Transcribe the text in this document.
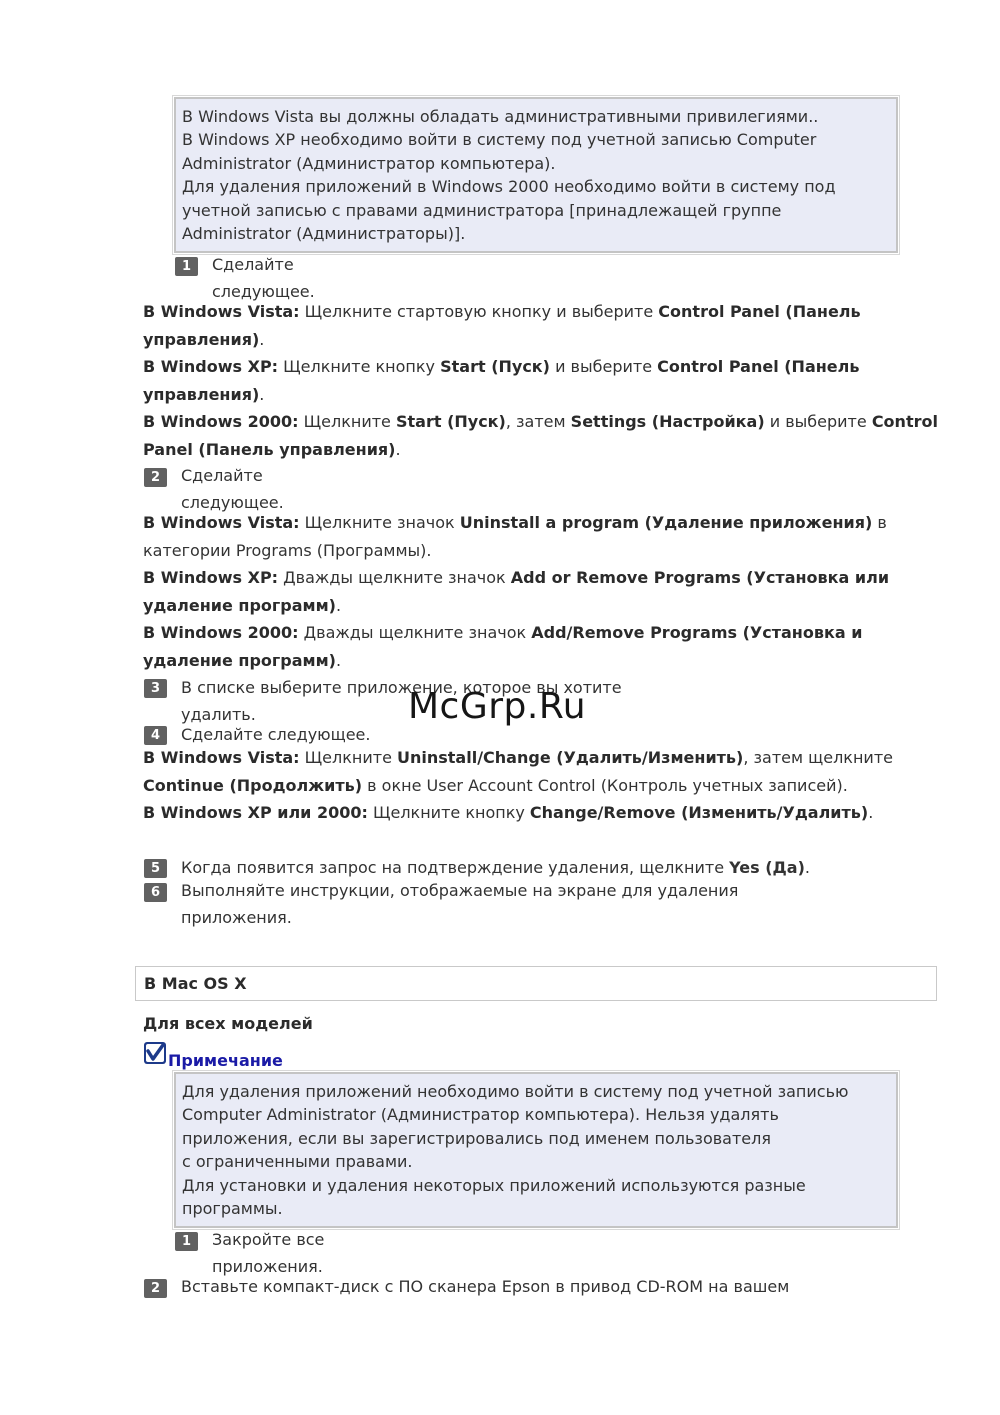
В Windows Vista вы должны обладать административными привилегиями..
В Windows XP необходимо войти в систему под учетной записью Computer
Administrator (Администратор компьютера).
Для удаления приложений в Windows 2000 необходимо войти в систему под
учетной записью с правами администратора [принадлежащей группе
Administrator (Администраторы)].
1	Сделайте
следующее.
В Windows Vista: Щелкните стартовую кнопку и выберите Control Panel (Панель управления).
В Windows XP: Щелкните кнопку Start (Пуск) и выберите Control Panel (Панель управления).
В Windows 2000: Щелкните Start (Пуск), затем Settings (Настройка) и выберите Control Panel (Панель управления).
2	Сделайте
следующее.
В Windows Vista: Щелкните значок Uninstall a program (Удаление приложения) в категории Programs (Программы).
В Windows XP: Дважды щелкните значок Add or Remove Programs (Установка или удаление программ).
В Windows 2000: Дважды щелкните значок Add/Remove Programs (Установка и удаление программ).
3	В списке выберите приложение, которое вы хотите
удалить.	McGrp.Ru
4	Сделайте следующее.
В Windows Vista: Щелкните Uninstall/Change (Удалить/Изменить), затем щелкните Continue (Продолжить) в окне User Account Control (Контроль учетных записей).
В Windows XP или 2000: Щелкните кнопку Change/Remove (Изменить/Удалить).
5	Когда появится запрос на подтверждение удаления, щелкните Yes (Да).
6	Выполняйте инструкции, отображаемые на экране для удаления
приложения.
В Mac OS X
Для всех моделей
Примечание
Для удаления приложений необходимо войти в систему под учетной записью
Computer Administrator (Администратор компьютера). Нельзя удалять
приложения, если вы зарегистрировались под именем пользователя
с ограниченными правами.
Для установки и удаления некоторых приложений используются разные
программы.
1	Закройте все
приложения.
2	Вставьте компакт-диск с ПО сканера Epson в привод CD-ROM на вашем
